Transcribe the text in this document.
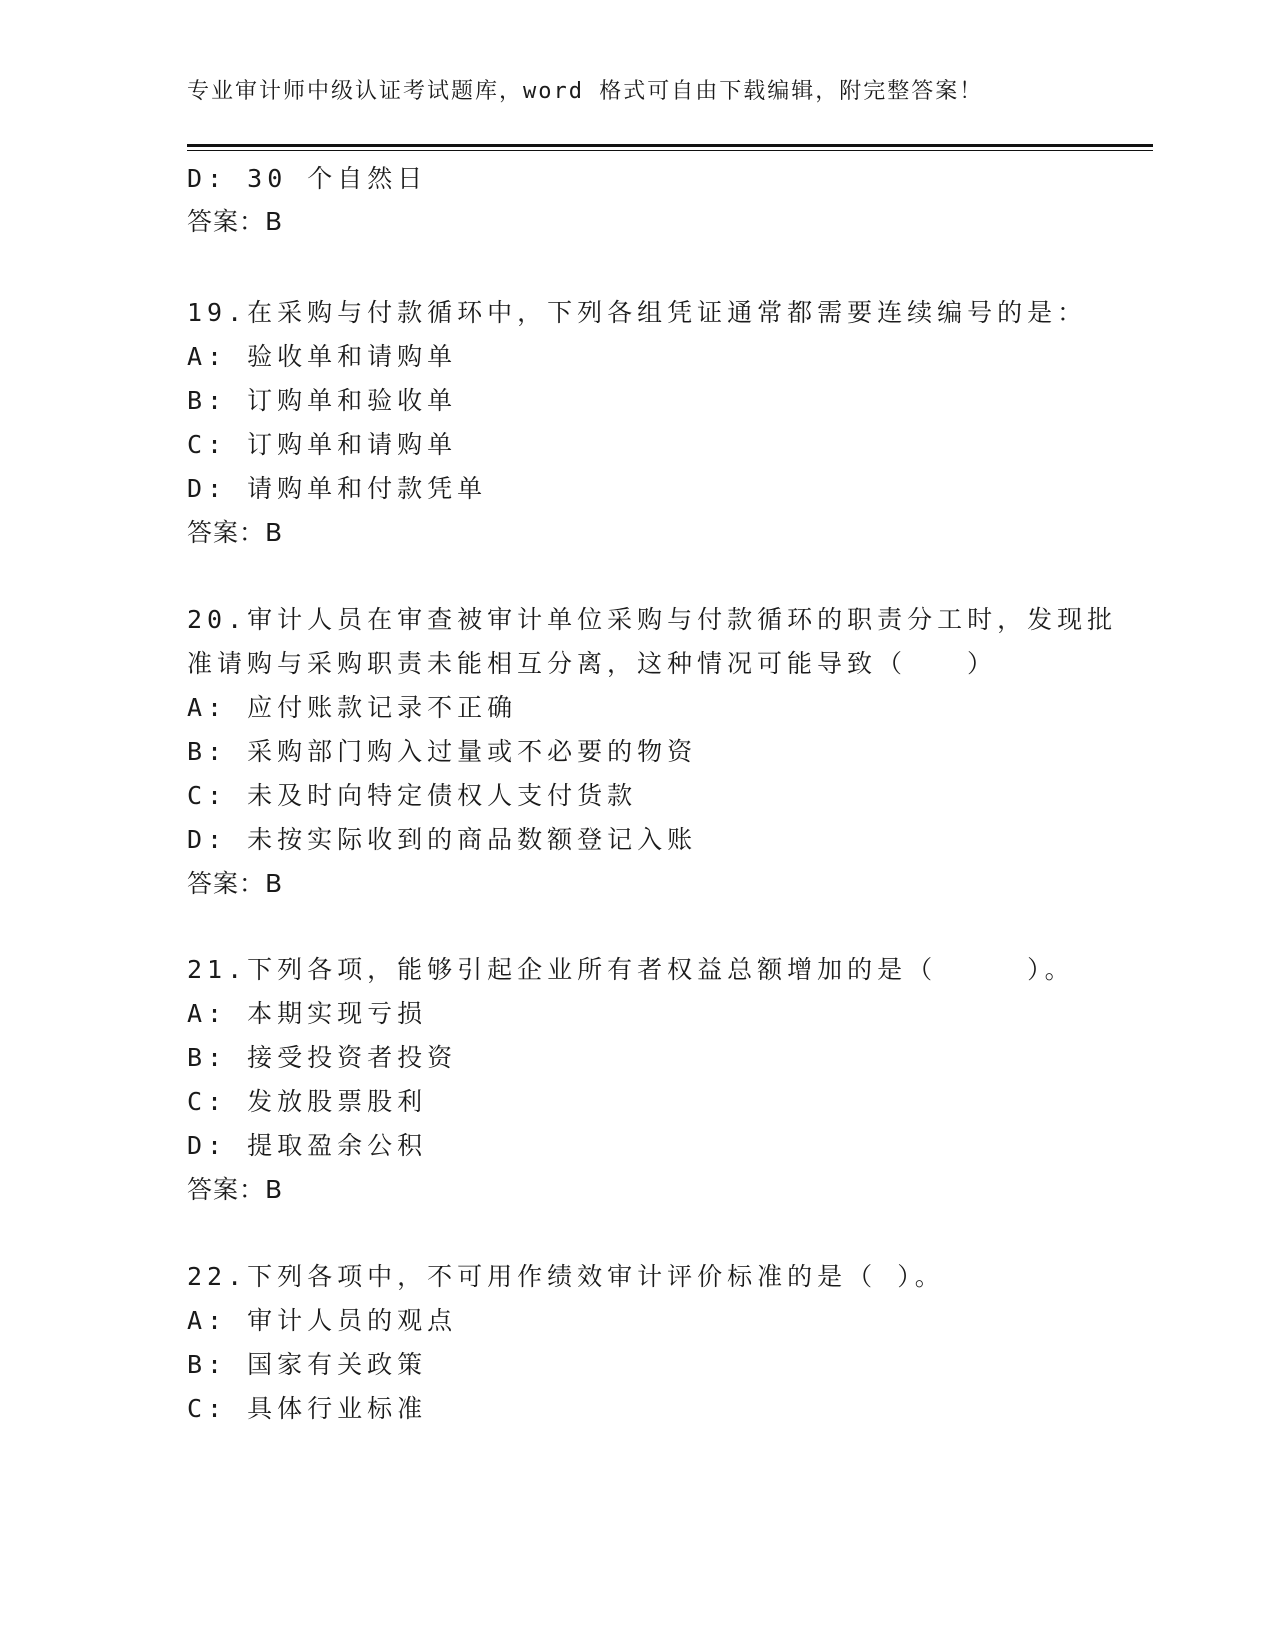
专业审计师中级认证考试题库，word 格式可自由下载编辑，附完整答案！
D: 30 个自然日
答案：B
19.在采购与付款循环中，下列各组凭证通常都需要连续编号的是：
A: 验收单和请购单
B: 订购单和验收单
C: 订购单和请购单
D: 请购单和付款凭单
答案：B
20.审计人员在审查被审计单位采购与付款循环的职责分工时，发现批
准请购与采购职责未能相互分离，这种情况可能导致（　　）
A: 应付账款记录不正确
B: 采购部门购入过量或不必要的物资
C: 未及时向特定债权人支付货款
D: 未按实际收到的商品数额登记入账
答案：B
21.下列各项，能够引起企业所有者权益总额增加的是（　　　）。
A: 本期实现亏损
B: 接受投资者投资
C: 发放股票股利
D: 提取盈余公积
答案：B
22.下列各项中，不可用作绩效审计评价标准的是（ ）。
A: 审计人员的观点
B: 国家有关政策
C: 具体行业标准
